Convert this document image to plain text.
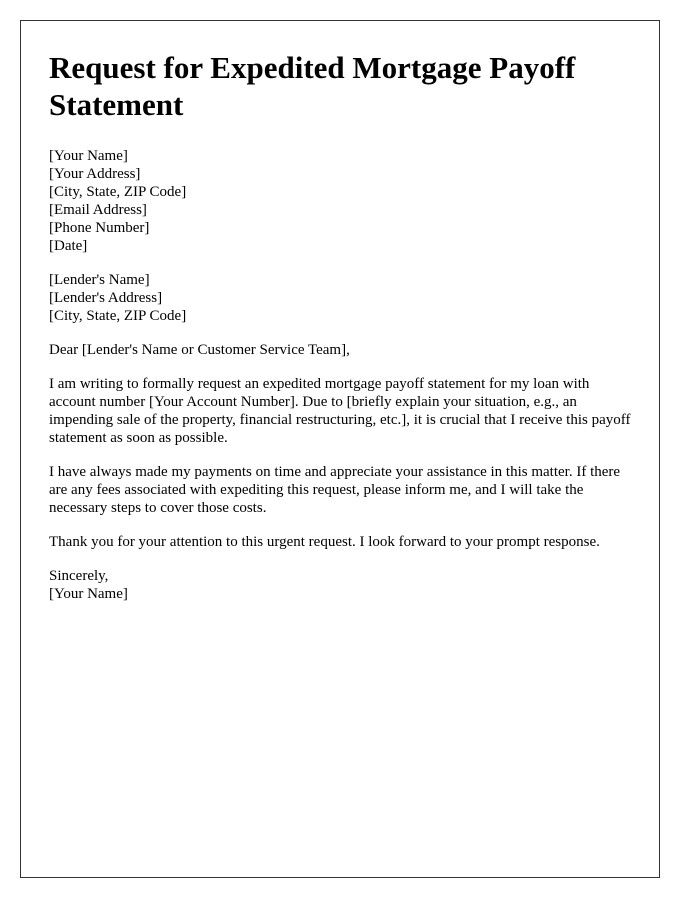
Request for Expedited Mortgage Payoff Statement
[Your Name]
[Your Address]
[City, State, ZIP Code]
[Email Address]
[Phone Number]
[Date]
[Lender's Name]
[Lender's Address]
[City, State, ZIP Code]

Dear [Lender's Name or Customer Service Team],

I am writing to formally request an expedited mortgage payoff statement for my loan with account number [Your Account Number]. Due to [briefly explain your situation, e.g., an impending sale of the property, financial restructuring, etc.], it is crucial that I receive this payoff statement as soon as possible.

I have always made my payments on time and appreciate your assistance in this matter. If there are any fees associated with expediting this request, please inform me, and I will take the necessary steps to cover those costs.

Thank you for your attention to this urgent request. I look forward to your prompt response.

Sincerely,
[Your Name]
